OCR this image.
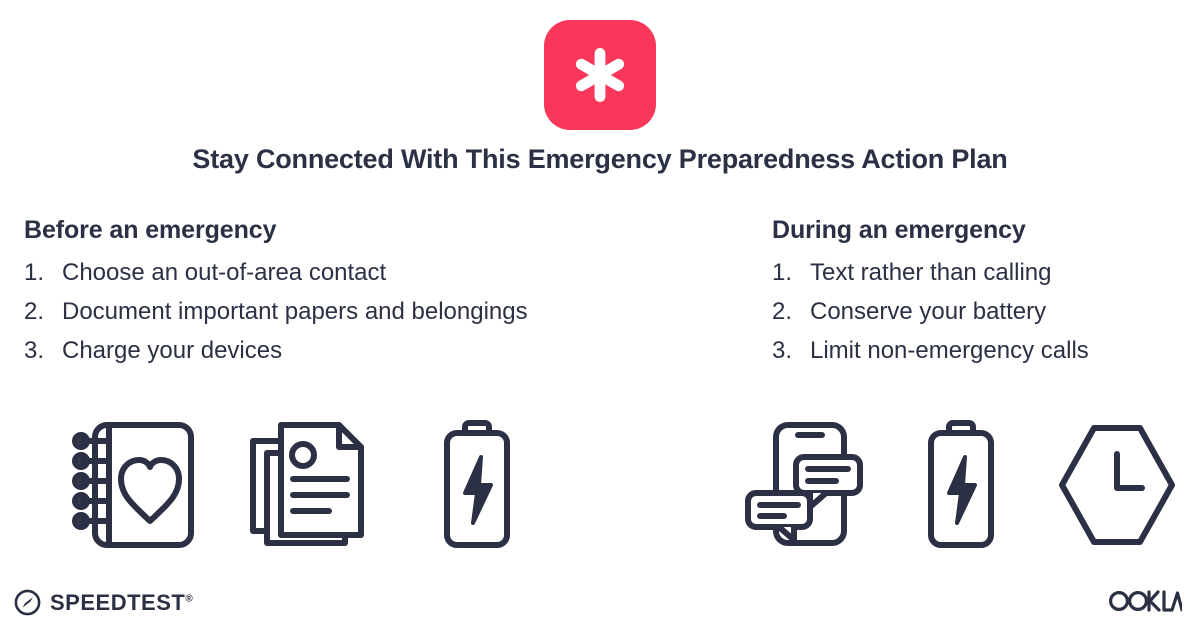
Stay Connected With This Emergency Preparedness Action Plan
Before an emergency
Choose an out-of-area contact
Document important papers and belongings
Charge your devices
During an emergency
Text rather than calling
Conserve your battery
Limit non-emergency calls
SPEEDTEST®
